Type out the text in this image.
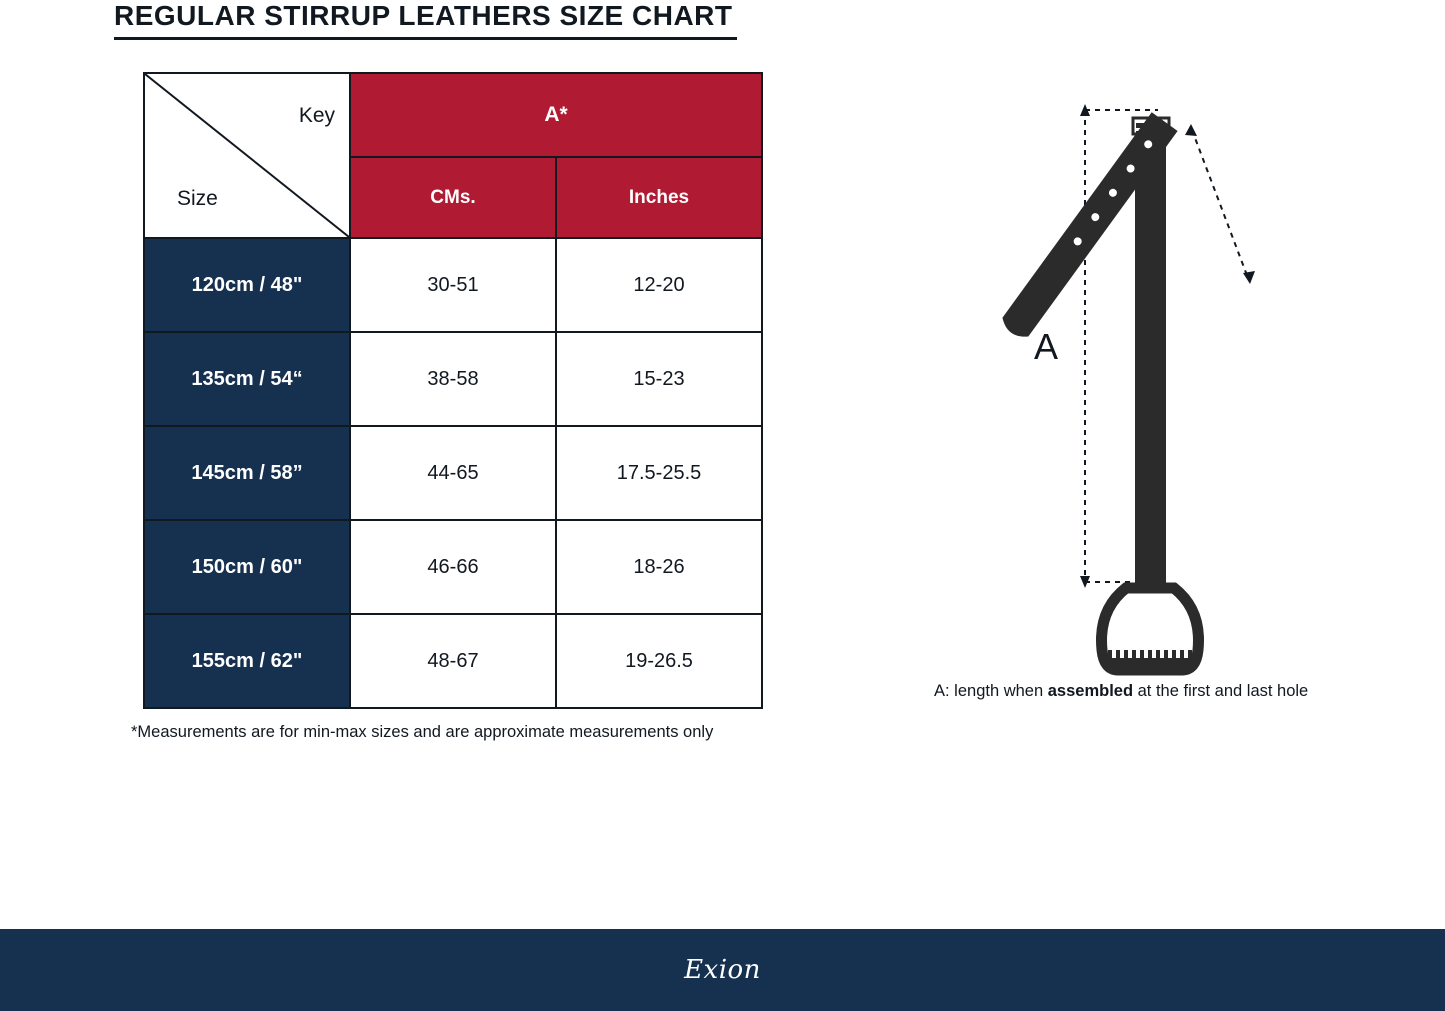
REGULAR STIRRUP LEATHERS SIZE CHART
Key
Size	A*	
	CMs.	Inches
120cm / 48"	30-51	12-20
135cm / 54“	38-58	15-23
145cm / 58”	44-65	17.5-25.5
150cm / 60"	46-66	18-26
155cm / 62"	48-67	19-26.5
*Measurements are for min-max sizes and are approximate measurements only
A
A: length when assembled at the first and last hole
Exion
